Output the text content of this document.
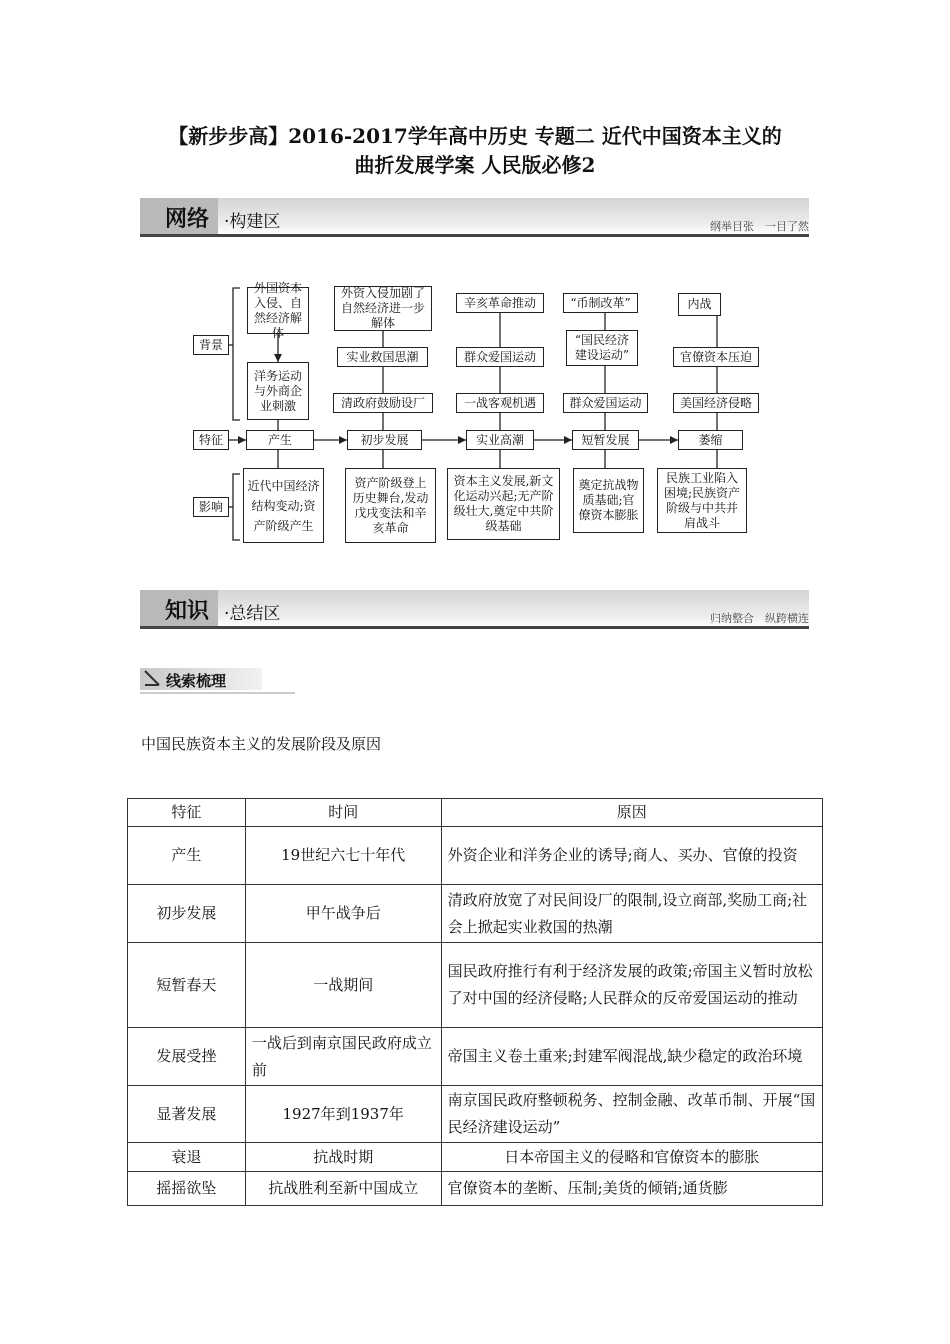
【新步步高】2016-2017学年高中历史 专题二 近代中国资本主义的
曲折发展学案 人民版必修2
网络 ·构建区	纲举目张　一目了然
背景
特征
影响
外国资本入侵、自然经济解体
洋务运动与外商企业刺激
外资入侵加剧了自然经济进一步解体
实业救国思潮
清政府鼓励设厂
辛亥革命推动
群众爱国运动
一战客观机遇
“币制改革”
“国民经济建设运动”
群众爱国运动
内战
官僚资本压迫
美国经济侵略
产生	初步发展	实业高潮	短暂发展	萎缩
近代中国经济结构变动;资产阶级产生
资产阶级登上历史舞台,发动戊戌变法和辛亥革命
资本主义发展,新文化运动兴起;无产阶级壮大,奠定中共阶级基础
奠定抗战物质基础;官僚资本膨胀
民族工业陷入困境;民族资产阶级与中共并肩战斗
知识 ·总结区	归纳整合　纵跨横连
线索梳理
中国民族资本主义的发展阶段及原因
特征	时间	原因
产生	19世纪六七十年代	外资企业和洋务企业的诱导;商人、买办、官僚的投资
初步发展	甲午战争后	清政府放宽了对民间设厂的限制,设立商部,奖励工商;社会上掀起实业救国的热潮
短暂春天	一战期间	国民政府推行有利于经济发展的政策;帝国主义暂时放松了对中国的经济侵略;人民群众的反帝爱国运动的推动
发展受挫	一战后到南京国民政府成立前	帝国主义卷土重来;封建军阀混战,缺少稳定的政治环境
显著发展	1927年到1937年	南京国民政府整顿税务、控制金融、改革币制、开展“国民经济建设运动”
衰退	抗战时期	日本帝国主义的侵略和官僚资本的膨胀
摇摇欲坠	抗战胜利至新中国成立	官僚资本的垄断、压制;美货的倾销;通货膨
